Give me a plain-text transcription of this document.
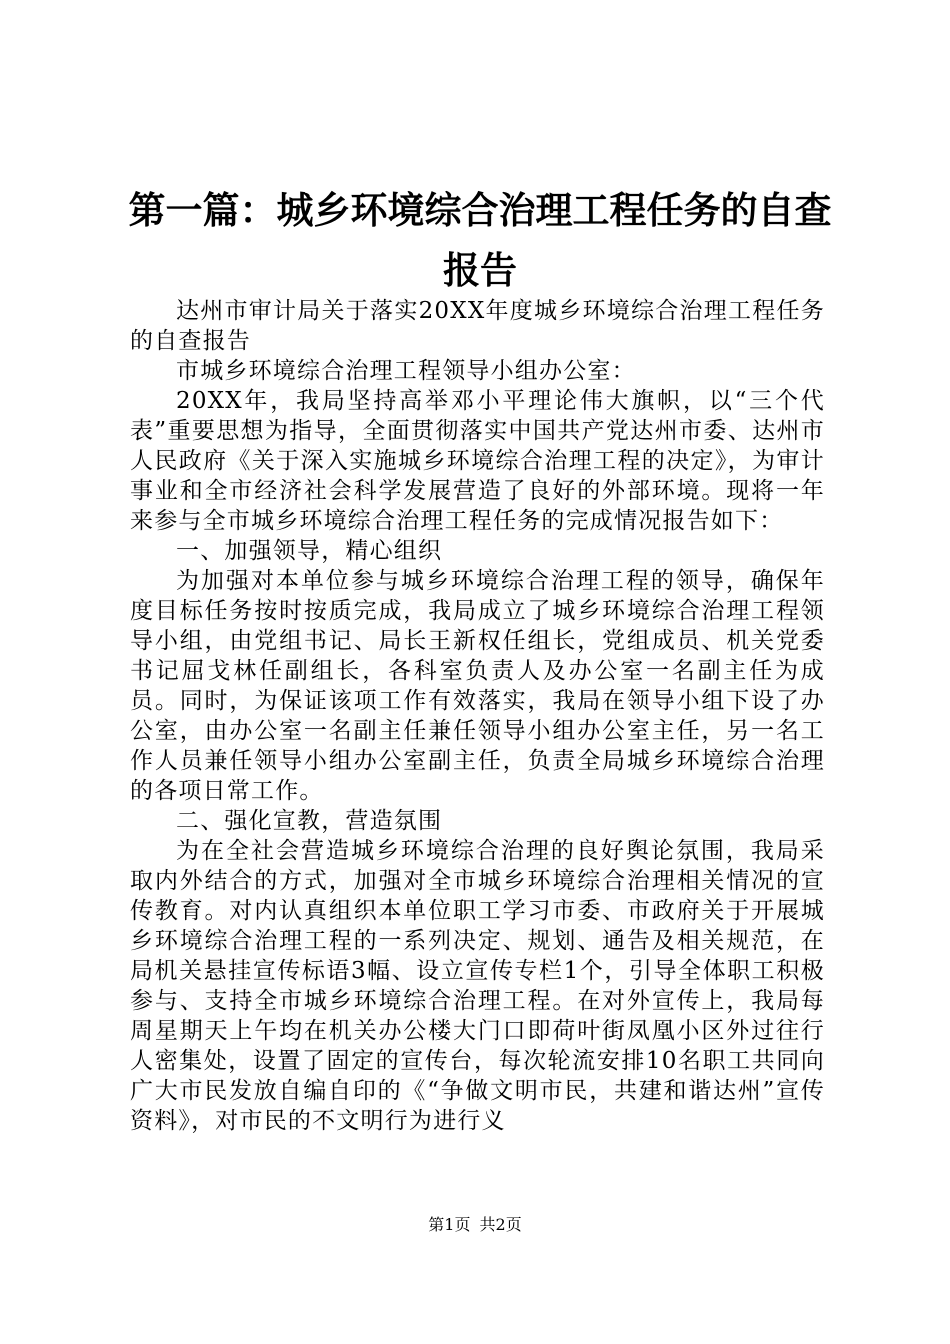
第一篇：城乡环境综合治理工程任务的自查报告

达州市审计局关于落实20XX年度城乡环境综合治理工程任务的自查报告

市城乡环境综合治理工程领导小组办公室：

20XX年，我局坚持高举邓小平理论伟大旗帜，以“三个代表”重要思想为指导，全面贯彻落实中国共产党达州市委、达州市人民政府《关于深入实施城乡环境综合治理工程的决定》，为审计事业和全市经济社会科学发展营造了良好的外部环境。现将一年来参与全市城乡环境综合治理工程任务的完成情况报告如下：

一、加强领导，精心组织

为加强对本单位参与城乡环境综合治理工程的领导，确保年度目标任务按时按质完成，我局成立了城乡环境综合治理工程领导小组，由党组书记、局长王新权任组长，党组成员、机关党委书记屈戈林任副组长，各科室负责人及办公室一名副主任为成员。同时，为保证该项工作有效落实，我局在领导小组下设了办公室，由办公室一名副主任兼任领导小组办公室主任，另一名工作人员兼任领导小组办公室副主任，负责全局城乡环境综合治理的各项日常工作。

二、强化宣教，营造氛围

为在全社会营造城乡环境综合治理的良好舆论氛围，我局采取内外结合的方式，加强对全市城乡环境综合治理相关情况的宣传教育。对内认真组织本单位职工学习市委、市政府关于开展城乡环境综合治理工程的一系列决定、规划、通告及相关规范，在局机关悬挂宣传标语3幅、设立宣传专栏1个，引导全体职工积极参与、支持全市城乡环境综合治理工程。在对外宣传上，我局每周星期天上午均在机关办公楼大门口即荷叶街凤凰小区外过往行人密集处，设置了固定的宣传台，每次轮流安排10名职工共同向广大市民发放自编自印的《“争做文明市民，共建和谐达州”宣传资料》，对市民的不文明行为进行义

第1页 共2页
